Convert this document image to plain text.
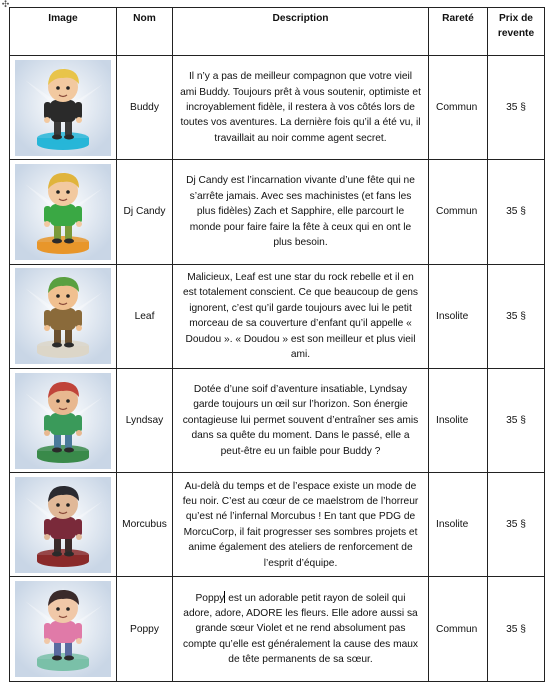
✣
Image	Nom	Description	Rareté	Prix de
revente

	Buddy	Il n’y a pas de meilleur compagnon que votre vieil ami Buddy. Toujours prêt à vous soutenir, optimiste et incroyablement fidèle, il restera à vos côtés lors de toutes vos aventures. La dernière fois qu’il a été vu, il travaillait au noir comme agent secret.	Commun	35 §

	Dj Candy	Dj Candy est l’incarnation vivante d’une fête qui ne s’arrête jamais. Avec ses machinistes (et fans les plus fidèles) Zach et Sapphire, elle parcourt le monde pour faire faire la fête à ceux qui en ont le plus besoin.	Commun	35 §

	Leaf	Malicieux, Leaf est une star du rock rebelle et il en est totalement conscient. Ce que beaucoup de gens ignorent, c’est qu’il garde toujours avec lui le petit morceau de sa couverture d’enfant qu’il appelle « Doudou ». « Doudou » est son meilleur et plus vieil ami.	Insolite	35 §

	Lyndsay	Dotée d’une soif d’aventure insatiable, Lyndsay garde toujours un œil sur l’horizon. Son énergie contagieuse lui permet souvent d’entraîner ses amis dans sa quête du moment. Dans le passé, elle a peut-être eu un faible pour Buddy ?	Insolite	35 §

	Morcubus	Au-delà du temps et de l’espace existe un mode de feu noir. C’est au cœur de ce maelstrom de l’horreur qu’est né l’infernal Morcubus ! En tant que PDG de MorcuCorp, il fait progresser ses sombres projets et anime également des ateliers de renforcement de l’esprit d’équipe.	Insolite	35 §

	Poppy	Poppy est un adorable petit rayon de soleil qui adore, adore, ADORE les fleurs. Elle adore aussi sa grande sœur Violet et ne rend absolument pas compte qu’elle est généralement la cause des maux de tête permanents de sa sœur.	Commun	35 §
